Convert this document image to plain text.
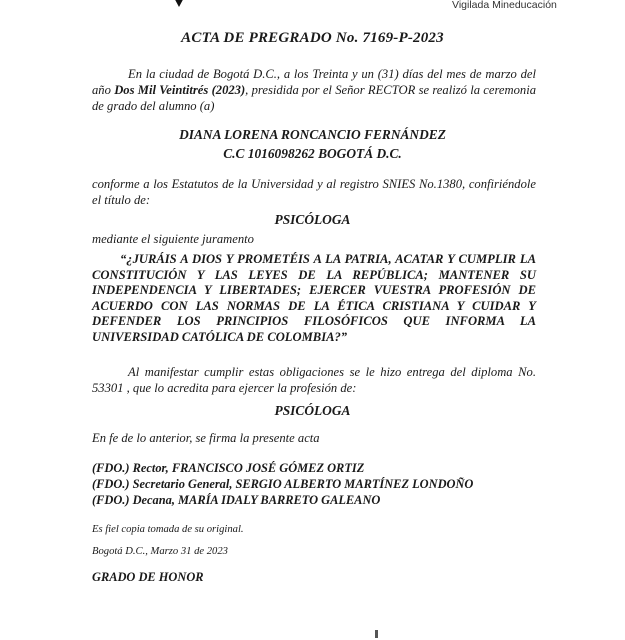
Vigilada Mineducación
ACTA DE PREGRADO No. 7169-P-2023
En la ciudad de Bogotá D.C., a los Treinta y un (31) días del mes de marzo del año Dos Mil Veintitrés (2023), presidida por el Señor RECTOR se realizó la ceremonia de grado del alumno (a)
DIANA LORENA RONCANCIO FERNÁNDEZ
C.C 1016098262 BOGOTÁ D.C.
conforme a los Estatutos de la Universidad y al registro SNIES No.1380, confiriéndole el título de:
PSICÓLOGA
mediante el siguiente juramento
“¿JURÁIS A DIOS Y PROMETÉIS A LA PATRIA, ACATAR Y CUMPLIR LA CONSTITUCIÓN Y LAS LEYES DE LA REPÚBLICA; MANTENER SU INDEPENDENCIA Y LIBERTADES; EJERCER VUESTRA PROFESIÓN DE ACUERDO CON LAS NORMAS DE LA ÉTICA CRISTIANA Y CUIDAR Y DEFENDER LOS PRINCIPIOS FILOSÓFICOS QUE INFORMA LA UNIVERSIDAD CATÓLICA DE COLOMBIA?”
Al manifestar cumplir estas obligaciones se le hizo entrega del diploma No. 53301 , que lo acredita para ejercer la profesión de:
PSICÓLOGA
En fe de lo anterior, se firma la presente acta
(FDO.) Rector, FRANCISCO JOSÉ GÓMEZ ORTIZ
(FDO.) Secretario General, SERGIO ALBERTO MARTÍNEZ LONDOÑO
(FDO.) Decana, MARÍA IDALY BARRETO GALEANO
Es fiel copia tomada de su original.
Bogotá D.C., Marzo 31 de 2023
GRADO DE HONOR
